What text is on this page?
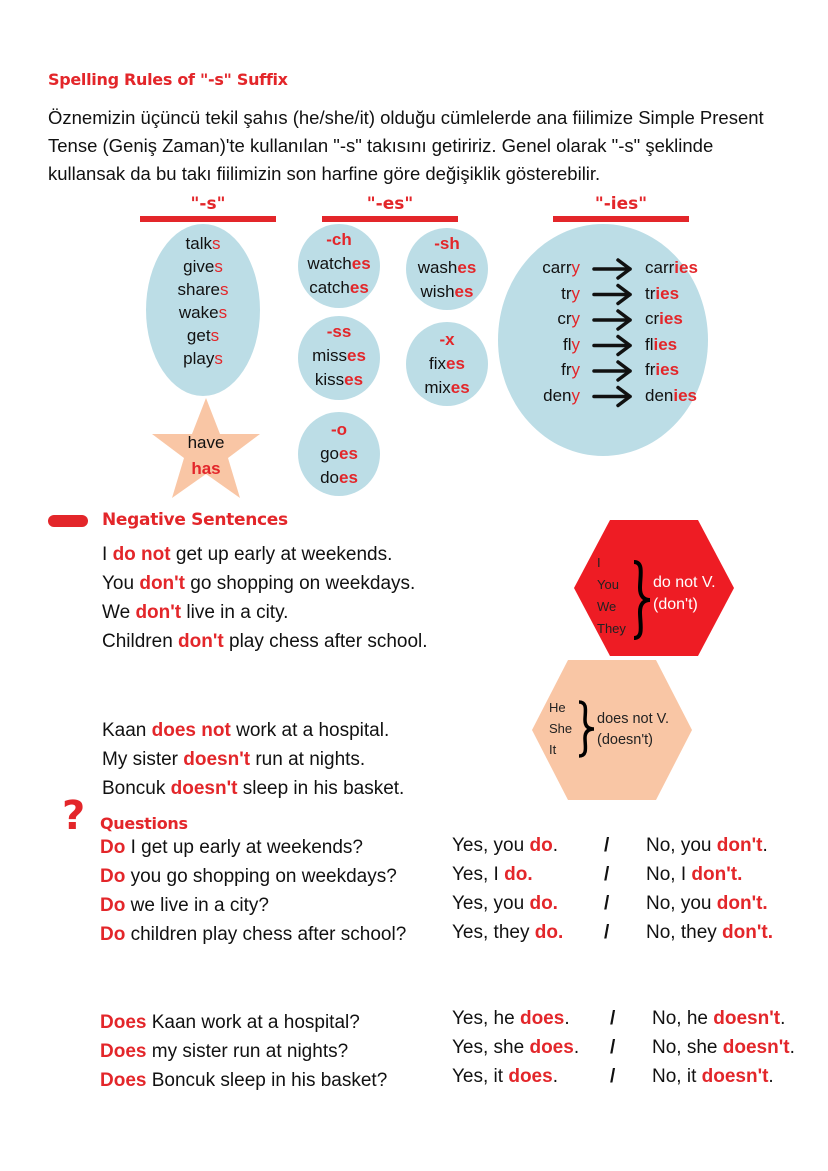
Spelling Rules of "-s" Suffix
Öznemizin üçüncü tekil şahıs (he/she/it) olduğu cümlelerde ana fiilimize Simple Present Tense (Geniş Zaman)'te kullanılan "-s" takısını getiririz. Genel olarak "-s" şeklinde kullansak da bu takı fiilimizin son harfine göre değişiklik gösterebilir.
"-s"	"-es"	"-ies"
talks
gives
shares
wakes
gets
plays
have
has
-ch
watches
catches
-sh
washes
wishes
-ss
misses
kisses
-x
fixes
mixes
-o
goes
does
carry
try
cry
fly
fry
deny
carries
tries
cries
flies
fries
denies
Negative Sentences
I do not get up early at weekends.
You don't go shopping on weekdays.
We don't live in a city.
Children don't play chess after school.
Kaan does not work at a hospital.
My sister doesn't run at nights.
Boncuk doesn't sleep in his basket.
I
You
We
They
do not V.
(don't)
He
She
It
does not V.
(doesn't)
? Questions
Do I get up early at weekends?
Do you go shopping on weekdays?
Do we live in a city?
Do children play chess after school?
Yes, you do.
Yes, I do.
Yes, you do.
Yes, they do.
/
/
/
/
No, you don't.
No, I don't.
No, you don't.
No, they don't.
Does Kaan work at a hospital?
Does my sister run at nights?
Does Boncuk sleep in his basket?
Yes, he does.
Yes, she does.
Yes, it does.
/
/
/
No, he doesn't.
No, she doesn't.
No, it doesn't.
